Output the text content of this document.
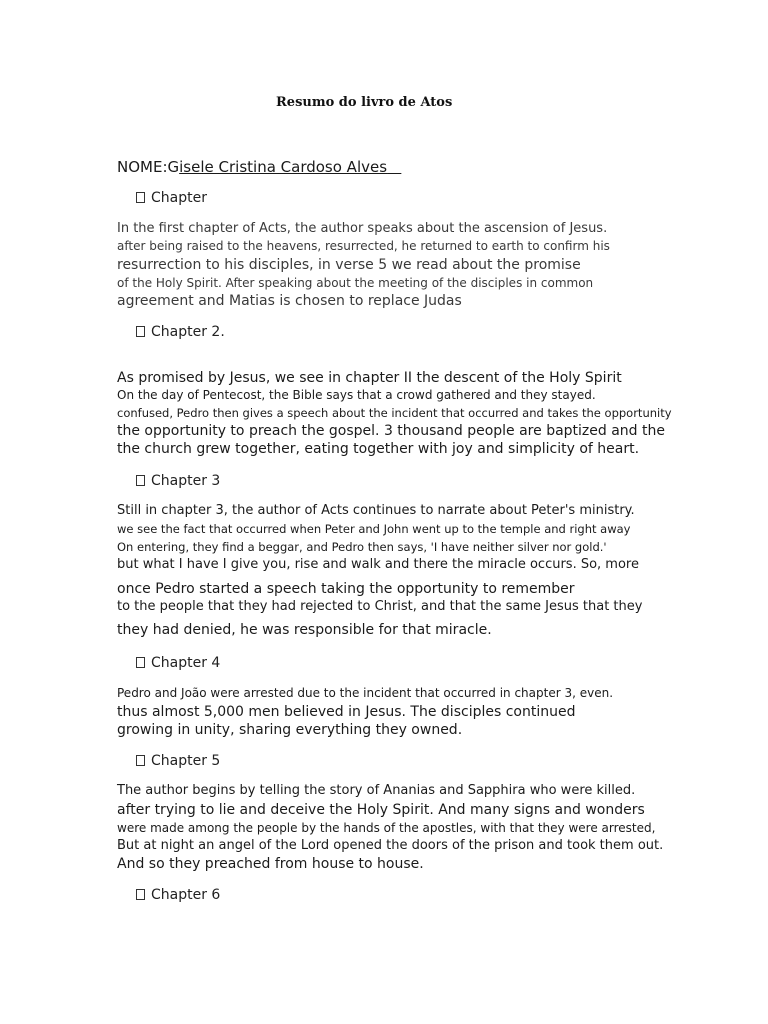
Resumo do livro de Atos
NOME:Gisele Cristina Cardoso Alves
Chapter
In the first chapter of Acts, the author speaks about the ascension of Jesus.
after being raised to the heavens, resurrected, he returned to earth to confirm his
resurrection to his disciples, in verse 5 we read about the promise
of the Holy Spirit. After speaking about the meeting of the disciples in common
agreement and Matias is chosen to replace Judas
Chapter 2.
As promised by Jesus, we see in chapter II the descent of the Holy Spirit
On the day of Pentecost, the Bible says that a crowd gathered and they stayed.
confused, Pedro then gives a speech about the incident that occurred and takes the opportunity
the opportunity to preach the gospel. 3 thousand people are baptized and the
the church grew together, eating together with joy and simplicity of heart.
Chapter 3
Still in chapter 3, the author of Acts continues to narrate about Peter's ministry.
we see the fact that occurred when Peter and John went up to the temple and right away
On entering, they find a beggar, and Pedro then says, 'I have neither silver nor gold.'
but what I have I give you, rise and walk and there the miracle occurs. So, more
once Pedro started a speech taking the opportunity to remember
to the people that they had rejected to Christ, and that the same Jesus that they
they had denied, he was responsible for that miracle.
Chapter 4
Pedro and João were arrested due to the incident that occurred in chapter 3, even.
thus almost 5,000 men believed in Jesus. The disciples continued
growing in unity, sharing everything they owned.
Chapter 5
The author begins by telling the story of Ananias and Sapphira who were killed.
after trying to lie and deceive the Holy Spirit. And many signs and wonders
were made among the people by the hands of the apostles, with that they were arrested,
But at night an angel of the Lord opened the doors of the prison and took them out.
And so they preached from house to house.
Chapter 6
